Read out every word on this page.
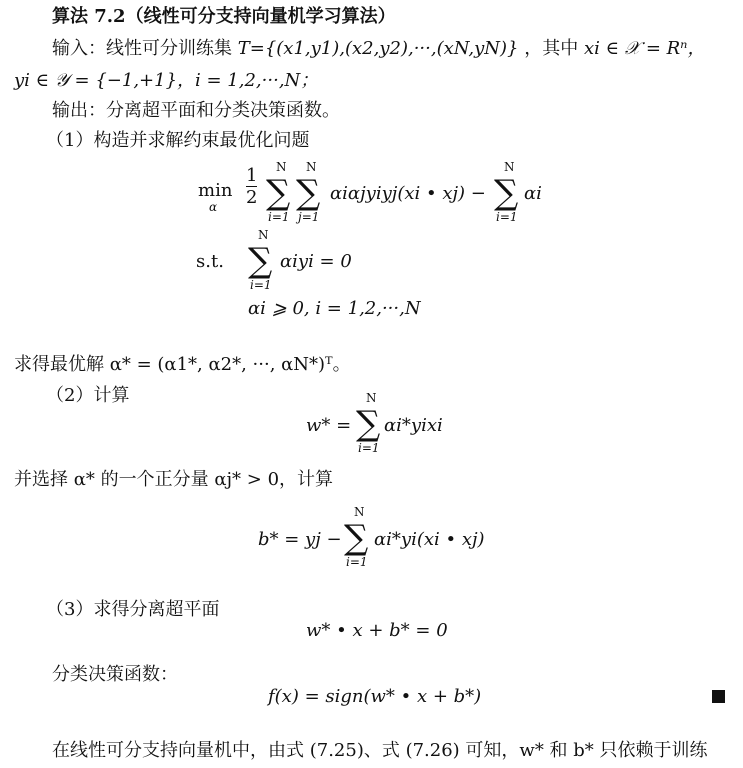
算法 7.2（线性可分支持向量机学习算法）
输入：线性可分训练集 T={(x1,y1),(x2,y2),···,(xN,yN)} ，其中 xi ∈ 𝒳 = Rⁿ，
yi ∈ 𝒴 = {−1,+1}，i = 1,2,···,N；
输出：分离超平面和分类决策函数。
（1）构造并求解约束最优化问题
min
α $\frac{1}{2}$ N
∑
i=1
N
∑
j=1
αiαjyiyj(xi • xj) −
N
∑
i=1
αi
s.t.
N
∑
i=1
αiyi = 0
αi ⩾ 0, i = 1,2,···,N
求得最优解 α* = (α1*, α2*, ···, αN*)ᵀ。
（2）计算
w* =
N
∑
i=1
αi*yixi
并选择 α* 的一个正分量 αj* > 0，计算
b* = yj −
N
∑
i=1
αi*yi(xi • xj)
（3）求得分离超平面
w* • x + b* = 0
分类决策函数：
f(x) = sign(w* • x + b*)
在线性可分支持向量机中，由式 (7.25)、式 (7.26) 可知，w* 和 b* 只依赖于训练
